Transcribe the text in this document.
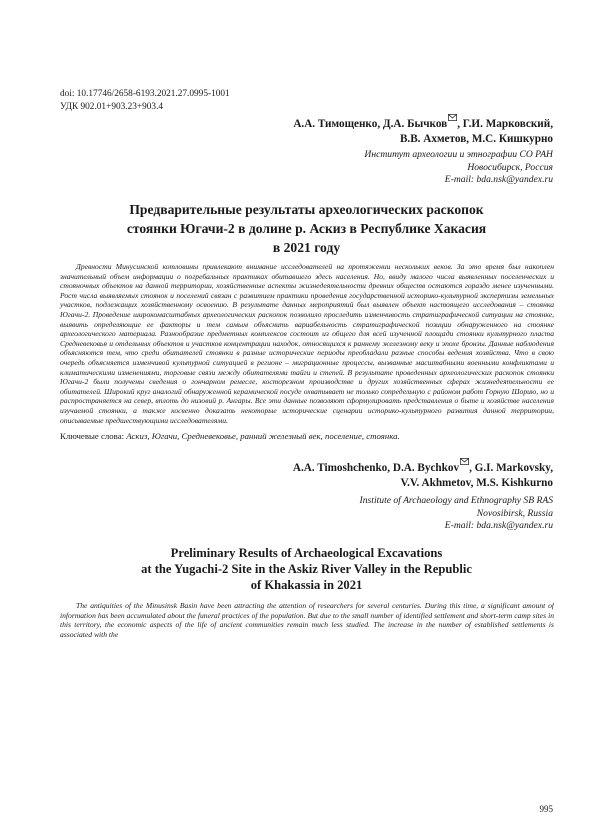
doi: 10.17746/2658-6193.2021.27.0995-1001
УДК 902.01+903.23+903.4
А.А. Тимощенко, Д.А. Бычков , Г.И. Марковский,
В.В. Ахметов, М.С. Кишкурно
Институт археологии и этнографии СО РАН
Новосибирск, Россия
E-mail: bda.nsk@yandex.ru
Предварительные результаты археологических раскопок
стоянки Югачи-2 в долине р. Аскиз в Республике Хакасия
в 2021 году

Древности Минусинской котловины привлекают внимание исследователей на протяжении нескольких веков. За это время был накоплен значительный объем информации о погребальных практиках обитавшего здесь населения. Но, ввиду малого числа выявленных поселенческих и стояночных объектов на данной территории, хозяйственные аспекты жизнедеятельности древних обществ остаются гораздо менее изученными. Рост числа выявляемых стоянок и поселений связан с развитием практики проведения государственной историко-культурной экспертизы земельных участков, подлежащих хозяйственному освоению. В результате данных мероприятий был выявлен объект настоящего исследования – стоянка Югачи-2. Проведение широкомасштабных археологических раскопок позволило проследить изменчивость стратиграфической ситуации на стоянке, выявить определяющие ее факторы и тем самым объяснить вариабельность стратиграфической позиции обнаруженного на стоянке археологического материала. Разнообразие предметных комплексов состоит из общего для всей изученной площади стоянки культурного пласта Средневековья и отдельных объектов и участков концентрации находок, относящихся к раннему железному веку и эпохе бронзы. Данные наблюдения объясняются тем, что среди обитателей стоянки в разные исторические периоды преобладали разные способы ведения хозяйства. Что в свою очередь объясняется изменчивой культурной ситуацией в регионе – миграционные процессы, вызванные масштабными военными конфликтами и климатическими изменениями, торговые связи между обитателями тайги и степей. В результате проведенных археологических раскопок стоянки Югачи-2 были получены сведения о гончарном ремесле, косторезном производстве и других хозяйственных сферах жизнедеятельности ее обитателей. Широкий круг аналогий обнаруженной керамической посуде охватывает не только сопредельную с районом работ Горную Шорию, но и распространяется на север, вплоть до низовий р. Ангары. Все эти данные позволяют сформулировать представления о быте и хозяйстве населения изучаемой стоянки, а также косвенно доказать некоторые исторические сценарии историко-культурного развития данной территории, описываемые предшествующими исследователями.

Ключевые слова: Аскиз, Югачи, Средневековье, ранний железный век, поселение, стоянка.
A.A. Timoshchenko, D.A. Bychkov , G.I. Markovsky,
V.V. Akhmetov, M.S. Kishkurno
Institute of Archaeology and Ethnography SB RAS
Novosibirsk, Russia
E-mail: bda.nsk@yandex.ru
Preliminary Results of Archaeological Excavations
at the Yugachi-2 Site in the Askiz River Valley in the Republic
of Khakassia in 2021
995

The antiquities of the Minusinsk Basin have been attracting the attention of researchers for several centuries. During this time, a significant amount of information has been accumulated about the funeral practices of the population. But due to the small number of identified settlement and short-term camp sites in this territory, the economic aspects of the life of ancient communities remain much less studied. The increase in the number of established settlements is associated with the
